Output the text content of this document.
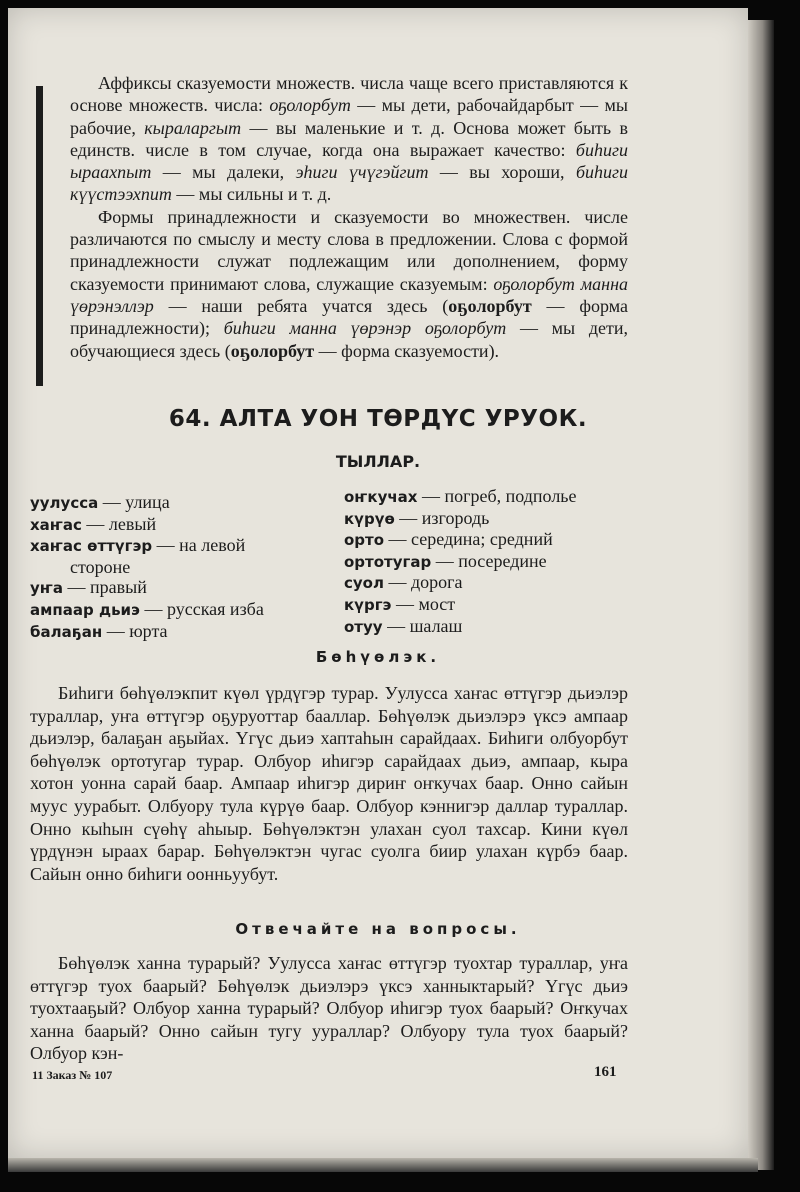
Аффиксы сказуемости множеств. числа чаще всего приставляются к основе множеств. числа: оҕолорбут — мы дети, рабочайдарбыт — мы рабочие, кыраларгыт — вы маленькие и т. д. Основа может быть в единств. числе в том случае, когда она выражает качество: биһиги ыраахпыт — мы далеки, эһиги үчүгэйгит — вы хороши, биһиги күүстээхпит — мы сильны и т. д.

Формы принадлежности и сказуемости во множествен. числе различаются по смыслу и месту слова в предложении. Слова с формой принадлежности служат подлежащим или дополнением, форму сказуемости принимают слова, служащие сказуемым: оҕолорбут манна үөрэнэллэр — наши ребята учатся здесь (оҕолорбут — форма принадлежности); биһиги манна үөрэнэр оҕолорбут — мы дети, обучающиеся здесь (оҕолорбут — форма сказуемости).

64. АЛТА УОН ТӨРДҮС УРУОК.
ТЫЛЛАР.
уулусса — улица
хаҥас — левый
хаҥас өттүгэр — на левой
стороне
уҥа — правый
ампаар дьиэ — русская изба
балаҕан — юрта
оҥкучах — погреб, подполье
күрүө — изгородь
орто — середина; средний
ортотугар — посередине
суол — дорога
күргэ — мост
отуу — шалаш
Бөһүөлэк.

Биһиги бөһүөлэкпит күөл үрдүгэр турар. Уулусса хаҥас өттүгэр дьиэлэр тураллар, уҥа өттүгэр оҕуруоттар бааллар. Бөһүөлэк дьиэлэрэ үксэ ампаар дьиэлэр, балаҕан аҕыйах. Үгүс дьиэ хаптаһын сарайдаах. Биһиги олбуорбут бөһүөлэк ортотугар турар. Олбуор иһигэр сарайдаах дьиэ, ампаар, кыра хотон уонна сарай баар. Ампаар иһигэр дириҥ оҥкучах баар. Онно сайын муус уурабыт. Олбуору тула күрүө баар. Олбуор кэннигэр даллар тураллар. Онно кыһын сүөһү аһыыр. Бөһүөлэктэн улахан суол тахсар. Кини күөл үрдүнэн ыраах барар. Бөһүөлэктэн чугас суолга биир улахан күрбэ баар. Сайын онно биһиги оонньуубут.

Отвечайте на вопросы.

Бөһүөлэк ханна турарый? Уулусса хаҥас өттүгэр туохтар тураллар, уҥа өттүгэр туох баарый? Бөһүөлэк дьиэлэрэ үксэ ханныктарый? Үгүс дьиэ туохтааҕый? Олбуор ханна турарый? Олбуор иһигэр туох баарый? Оҥкучах ханна баарый? Онно сайын тугу уураллар? Олбуору тула туох баарый? Олбуор кэн-

11 Заказ № 107	161
